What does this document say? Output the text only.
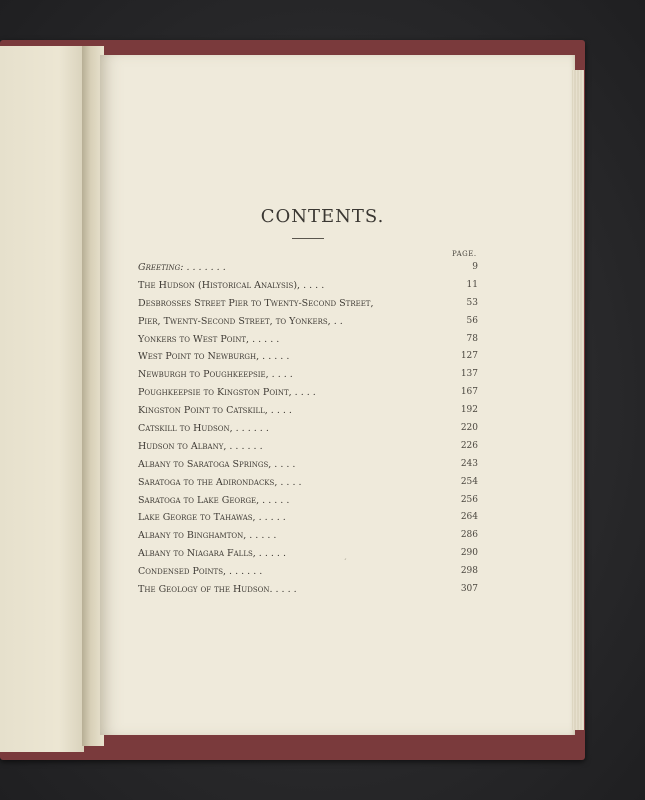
CONTENTS.
PAGE.
Greeting: . . . . . . .	9
The Hudson (Historical Analysis), . . . .	11
Desbrosses Street Pier to Twenty-Second Street,	53
Pier, Twenty-Second Street, to Yonkers, . .	56
Yonkers to West Point, . . . . .	78
West Point to Newburgh, . . . . .	127
Newburgh to Poughkeepsie, . . . .	137
Poughkeepsie to Kingston Point, . . . .	167
Kingston Point to Catskill, . . . .	192
Catskill to Hudson, . . . . . .	220
Hudson to Albany, . . . . . .	226
Albany to Saratoga Springs, . . . .	243
Saratoga to the Adirondacks, . . . .	254
Saratoga to Lake George, . . . . .	256
Lake George to Tahawas, . . . . .	264
Albany to Binghamton, . . . . .	286
Albany to Niagara Falls, . . . . .	290
Condensed Points, . . . . . .	298
The Geology of the Hudson. . . . .	307
ˊ
